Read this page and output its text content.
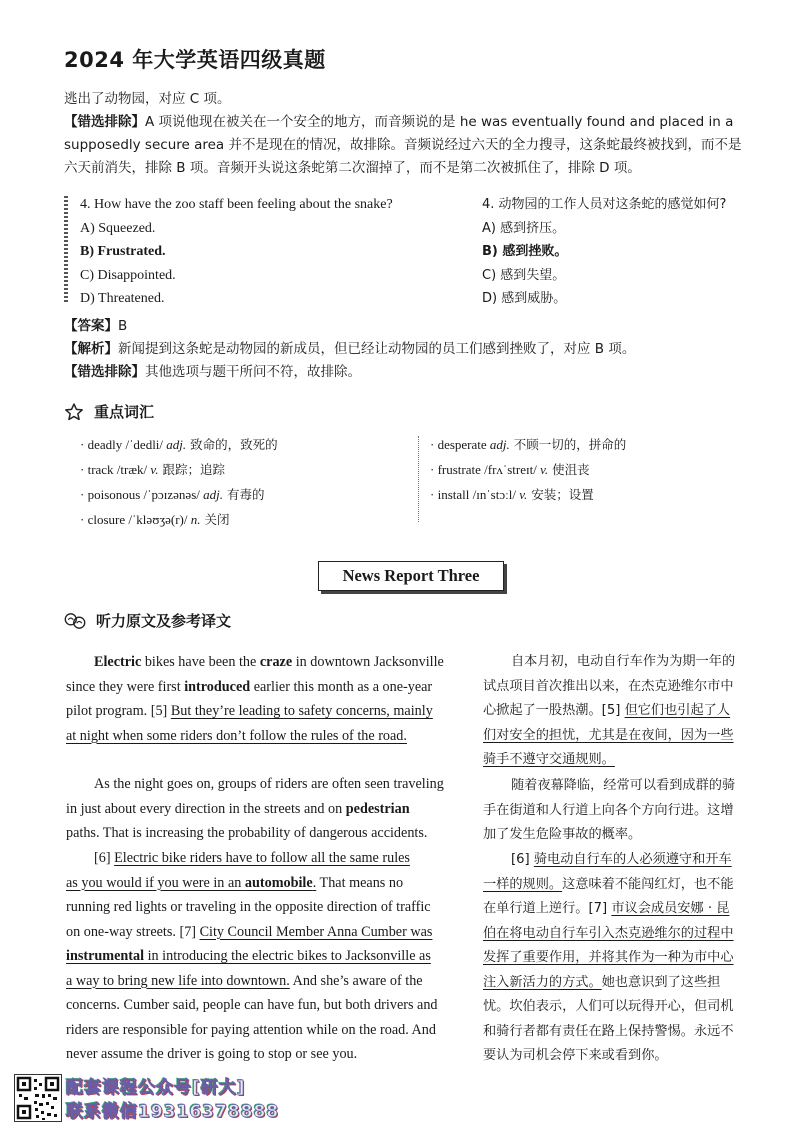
2024 年大学英语四级真题
逃出了动物园，对应 C 项。
【错选排除】A 项说他现在被关在一个安全的地方，而音频说的是 he was eventually found and placed in a
supposedly secure area 并不是现在的情况，故排除。音频说经过六天的全力搜寻，这条蛇最终被找到，而不是
六天前消失，排除 B 项。音频开头说这条蛇第二次溜掉了，而不是第二次被抓住了，排除 D 项。
4. How have the zoo staff been feeling about the snake?
A) Squeezed.
B) Frustrated.
C) Disappointed.
D) Threatened.
4. 动物园的工作人员对这条蛇的感觉如何?
A) 感到挤压。
B) 感到挫败。
C) 感到失望。
D) 感到威胁。
【答案】B
【解析】新闻提到这条蛇是动物园的新成员，但已经让动物园的员工们感到挫败了，对应 B 项。
【错选排除】其他选项与题干所问不符，故排除。
重点词汇
· deadly /ˈdedli/ adj. 致命的，致死的
· track /træk/ v. 跟踪；追踪
· poisonous /ˈpɔɪzənəs/ adj. 有毒的
· closure /ˈkləʊʒə(r)/ n. 关闭
· desperate adj. 不顾一切的，拼命的
· frustrate /frʌˈstreɪt/ v. 使沮丧
· install /ɪnˈstɔːl/ v. 安装；设置
News Report Three
听力原文及参考译文
Electric bikes have been the craze in downtown Jacksonville
since they were first introduced earlier this month as a one-year
pilot program. [5] But they’re leading to safety concerns, mainly
at night when some riders don’t follow the rules of the road.
As the night goes on, groups of riders are often seen traveling
in just about every direction in the streets and on pedestrian
paths. That is increasing the probability of dangerous accidents.
[6] Electric bike riders have to follow all the same rules
as you would if you were in an automobile. That means no
running red lights or traveling in the opposite direction of traffic
on one-way streets. [7] City Council Member Anna Cumber was
instrumental in introducing the electric bikes to Jacksonville as
a way to bring new life into downtown. And she’s aware of the
concerns. Cumber said, people can have fun, but both drivers and
riders are responsible for paying attention while on the road. And
never assume the driver is going to stop or see you.
自本月初，电动自行车作为为期一年的
试点项目首次推出以来，在杰克逊维尔市中
心掀起了一股热潮。[5] 但它们也引起了人
们对安全的担忧，尤其是在夜间，因为一些
骑手不遵守交通规则。
随着夜幕降临，经常可以看到成群的骑
手在街道和人行道上向各个方向行进。这增
加了发生危险事故的概率。
[6] 骑电动自行车的人必须遵守和开车
一样的规则。这意味着不能闯红灯，也不能
在单行道上逆行。[7] 市议会成员安娜 · 昆
伯在将电动自行车引入杰克逊维尔的过程中
发挥了重要作用，并将其作为一种为市中心
注入新活力的方式。她也意识到了这些担
忧。坎伯表示，人们可以玩得开心，但司机
和骑行者都有责任在路上保持警惕。永远不
要认为司机会停下来或看到你。
配套课程公众号[研大]
联系微信19316378888
